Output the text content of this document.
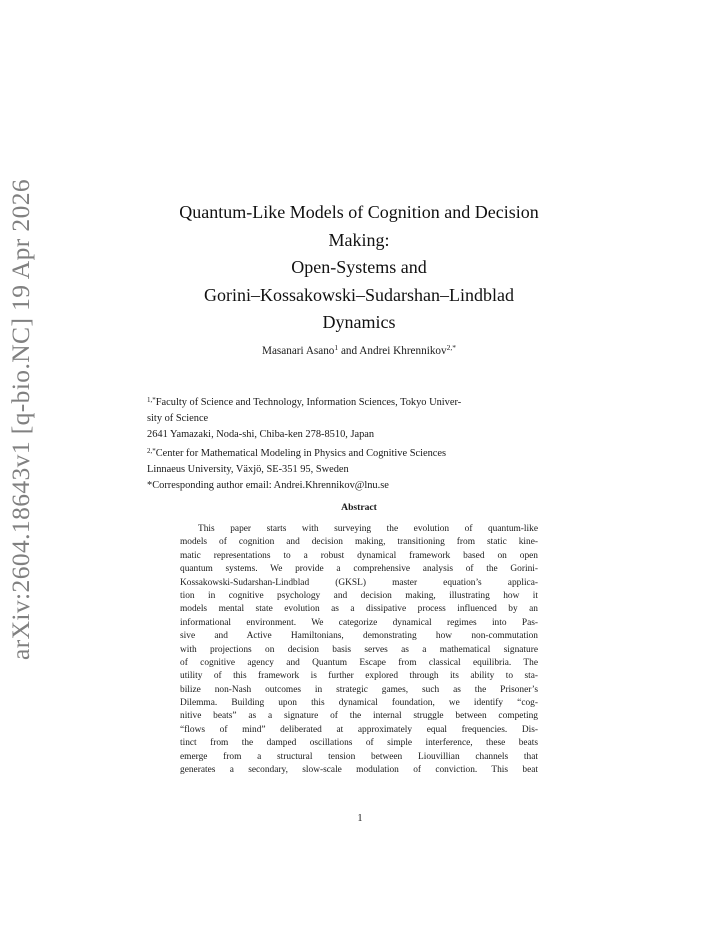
arXiv:2604.18643v1 [q-bio.NC] 19 Apr 2026	Quantum-Like Models of Cognition and Decision
Making:
Open-Systems and
Gorini–Kossakowski–Sudarshan–Lindblad
Dynamics
Masanari Asano$^1$ and Andrei Khrennikov$^{2,*}$
$^{1,*}$Faculty of Science and Technology, Information Sciences, Tokyo Univer-
sity of Science
2641 Yamazaki, Noda-shi, Chiba-ken 278-8510, Japan
$^{2,*}$Center for Mathematical Modeling in Physics and Cognitive Sciences
Linnaeus University, Växjö, SE-351 95, Sweden
*Corresponding author email: Andrei.Khrennikov@lnu.se
Abstract
This paper starts with surveying the evolution of quantum-like
models of cognition and decision making, transitioning from static kine-
matic representations to a robust dynamical framework based on open
quantum systems. We provide a comprehensive analysis of the Gorini-
Kossakowski-Sudarshan-Lindblad (GKSL) master equation’s applica-
tion in cognitive psychology and decision making, illustrating how it
models mental state evolution as a dissipative process influenced by an
informational environment. We categorize dynamical regimes into Pas-
sive and Active Hamiltonians, demonstrating how non-commutation
with projections on decision basis serves as a mathematical signature
of cognitive agency and Quantum Escape from classical equilibria. The
utility of this framework is further explored through its ability to sta-
bilize non-Nash outcomes in strategic games, such as the Prisoner’s
Dilemma. Building upon this dynamical foundation, we identify “cog-
nitive beats” as a signature of the internal struggle between competing
“flows of mind” deliberated at approximately equal frequencies. Dis-
tinct from the damped oscillations of simple interference, these beats
emerge from a structural tension between Liouvillian channels that
generates a secondary, slow-scale modulation of conviction. This beat
1
